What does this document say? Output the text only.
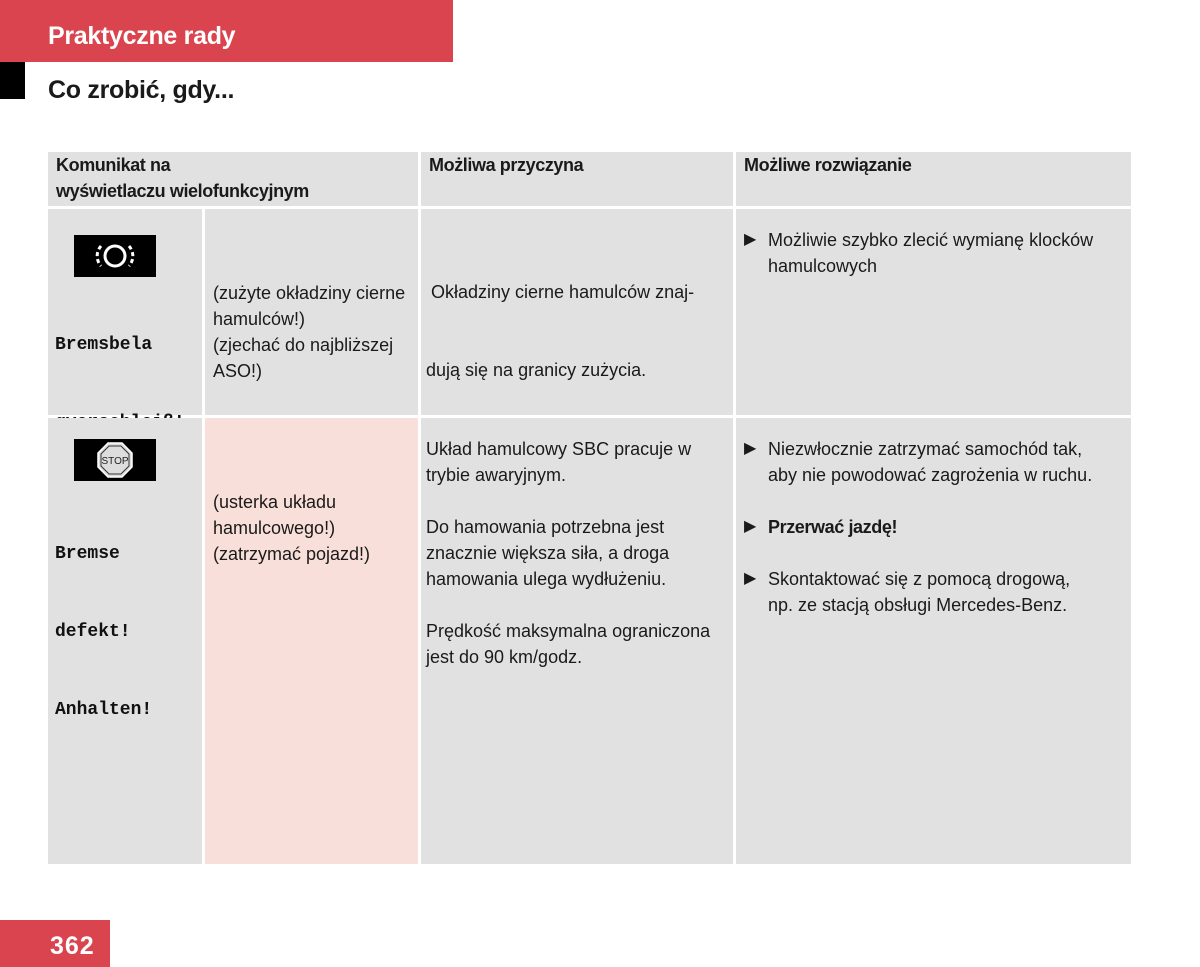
Praktyczne rady
Co zrobić, gdy...
Komunikat na
wyświetlaczu wielofunkcyjnym
Możliwa przyczyna	Możliwe rozwiązanie

Bremsbela

(zużyte okładziny cierne
hamulców!)
(zjechać do najbliższej
ASO!)

Okładziny cierne hamulców znaj-

dują się na granicy zużycia.

▶ Możliwie szybko zlecić wymianę klocków
hamulcowych
STOP

Bremse

defekt!

Anhalten!

(usterka układu
hamulcowego!)
(zatrzymać pojazd!)
Układ hamulcowy SBC pracuje w
trybie awaryjnym.
Do hamowania potrzebna jest
znacznie większa siła, a droga
hamowania ulega wydłużeniu.
Prędkość maksymalna ograniczona
jest do 90 km/godz.
▶ Niezwłocznie zatrzymać samochód tak,
aby nie powodować zagrożenia w ruchu.
▶ Przerwać jazdę!
▶ Skontaktować się z pomocą drogową,
np. ze stacją obsługi Mercedes-Benz.
362
